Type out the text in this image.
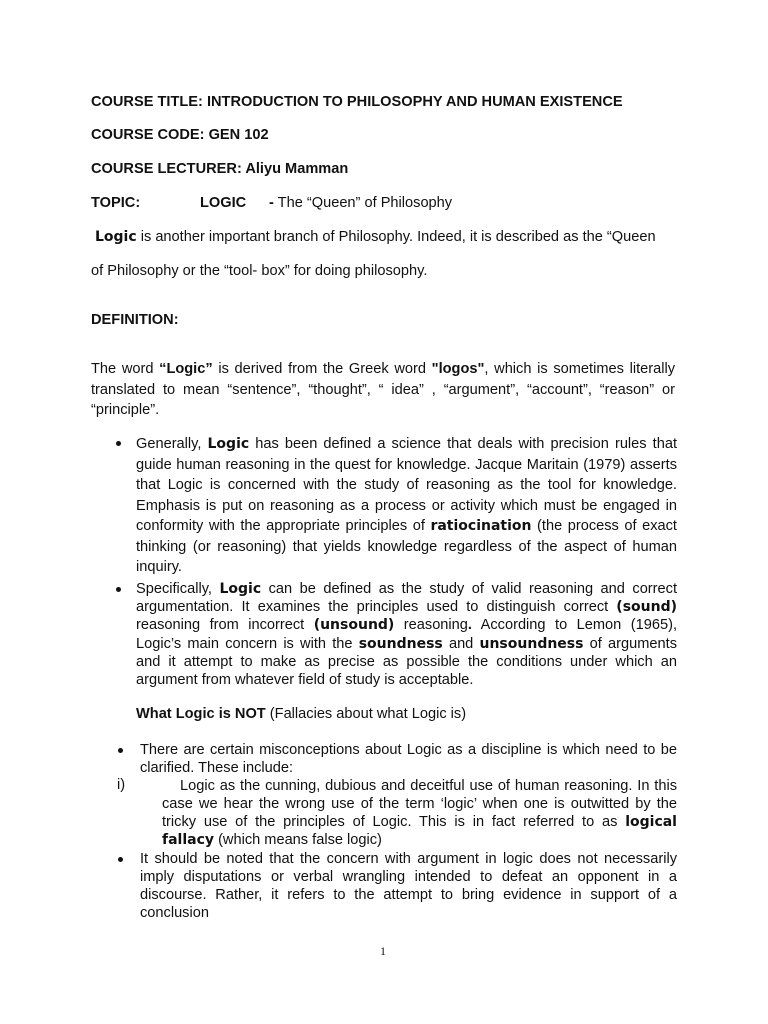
COURSE TITLE: INTRODUCTION TO PHILOSOPHY AND HUMAN EXISTENCE
COURSE CODE: GEN 102
COURSE LECTURER: Aliyu Mamman
TOPIC:	LOGIC - The “Queen” of Philosophy
Logic is another important branch of Philosophy. Indeed, it is described as the “Queen
of Philosophy or the “tool- box” for doing philosophy.
DEFINITION:

The word “Logic” is derived from the Greek word "logos", which is sometimes literally translated to mean “sentence”, “thought”, “ idea” , “argument”, “account”, “reason” or “principle”.

Generally, Logic has been defined a science that deals with precision rules that guide human reasoning in the quest for knowledge. Jacque Maritain (1979) asserts that Logic is concerned with the study of reasoning as the tool for knowledge. Emphasis is put on reasoning as a process or activity which must be engaged in conformity with the appropriate principles of ratiocination (the process of exact thinking (or reasoning) that yields knowledge regardless of the aspect of human inquiry.

Specifically, Logic can be defined as the study of valid reasoning and correct argumentation. It examines the principles used to distinguish correct (sound) reasoning from incorrect (unsound) reasoning. According to Lemon (1965), Logic’s main concern is with the soundness and unsoundness of arguments and it attempt to make as precise as possible the conditions under which an argument from whatever field of study is acceptable.

What Logic is NOT (Fallacies about what Logic is)

There are certain misconceptions about Logic as a discipline is which need to be clarified. These include:

i)	Logic as the cunning, dubious and deceitful use of human reasoning. In this case we hear the wrong use of the term ‘logic’ when one is outwitted by the tricky use of the principles of Logic. This is in fact referred to as logical fallacy (which means false logic)

It should be noted that the concern with argument in logic does not necessarily imply disputations or verbal wrangling intended to defeat an opponent in a discourse. Rather, it refers to the attempt to bring evidence in support of a conclusion

1
